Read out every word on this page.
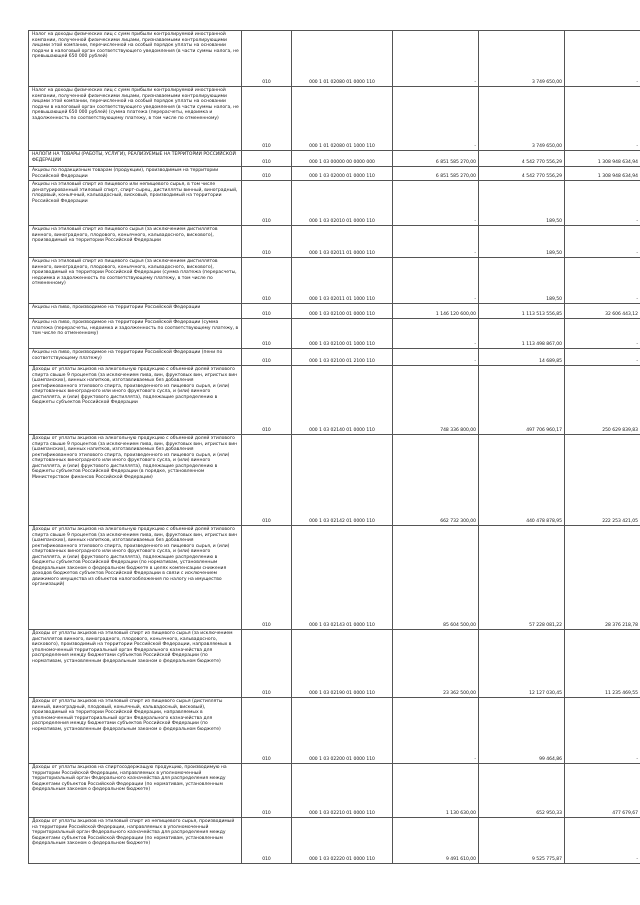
Налог на доходы физических лиц с сумм прибыли контролируемой иностранной компании, полученной физическими лицами, признаваемыми контролирующими лицами этой компании, перечисленной на особый порядок уплаты на основании подачи в налоговый орган соответствующего уведомления (в части суммы налога, не превышающей 650 000 рублей)	010	000 1 01 02080 01 0000 110	-	3 749 650,00	-

Налог на доходы физических лиц с сумм прибыли контролируемой иностранной компании, полученной физическими лицами, признаваемыми контролирующими лицами этой компании, перечисленной на особый порядок уплаты на основании подачи в налоговый орган соответствующего уведомления (в части суммы налога, не превышающей 650 000 рублей) (сумма платежа (перерасчеты, недоимка и задолженность по соответствующему платежу, в том числе по отмененному)	010	000 1 01 02080 01 1000 110	-	3 749 650,00	-

НАЛОГИ НА ТОВАРЫ (РАБОТЫ, УСЛУГИ), РЕАЛИЗУЕМЫЕ НА ТЕРРИТОРИИ РОССИЙСКОЙ ФЕДЕРАЦИИ	010	000 1 03 00000 00 0000 000	6 851 585 270,00	4 542 770 556,29	1 308 948 634,94

Акцизы по подакцизным товарам (продукции), производимым на территории Российской Федерации	010	000 1 03 02000 01 0000 110	6 851 585 270,00	4 542 770 556,29	1 308 948 634,94

Акцизы на этиловый спирт из пищевого или непищевого сырья, в том числе денатурированный этиловый спирт, спирт-сырец, дистилляты винный, виноградный, плодовый, коньячный, кальвадосный, висковый, производимый на территории Российской Федерации	010	000 1 03 02010 01 0000 110	-	189,50	-

Акцизы на этиловый спирт из пищевого сырья (за исключением дистиллятов винного, виноградного, плодового, коньячного, кальвадосного, вискового), производимый на территории Российской Федерации	010	000 1 03 02011 01 0000 110	-	189,50	-

Акцизы на этиловый спирт из пищевого сырья (за исключением дистиллятов винного, виноградного, плодового, коньячного, кальвадосного, вискового), производимый на территории Российской Федерации (сумма платежа (перерасчеты, недоимка и задолженность по соответствующему платежу, в том числе по отмененному)	010	000 1 03 02011 01 1000 110	-	189,50	-

Акцизы на пиво, производимое на территории Российской Федерации	010	000 1 03 02100 01 0000 110	1 146 120 600,00	1 113 513 556,85	32 606 443,12

Акцизы на пиво, производимое на территории Российской Федерации (сумма платежа (перерасчеты, недоимка и задолженность по соответствующему платежу, в том числе по отмененному)	010	000 1 03 02100 01 1000 110	-	1 113 498 867,00	-

Акцизы на пиво, производимое на территории Российской Федерации (пени по соответствующему платежу)	010	000 1 03 02100 01 2100 110	-	14 689,85	-

Доходы от уплаты акцизов на алкогольную продукцию с объемной долей этилового спирта свыше 9 процентов (за исключением пива, вин, фруктовых вин, игристых вин (шампанских), винных напитков, изготавливаемых без добавления ректификованного этилового спирта, произведенного из пищевого сырья, и (или) спиртованных виноградного или иного фруктового сусла, и (или) винного дистиллята, и (или) фруктового дистиллята), подлежащие распределению в бюджеты субъектов Российской Федерации	010	000 1 03 02140 01 0000 110	748 336 800,00	497 706 960,17	250 629 839,83

Доходы от уплаты акцизов на алкогольную продукцию с объемной долей этилового спирта свыше 9 процентов (за исключением пива, вин, фруктовых вин, игристых вин (шампанских), винных напитков, изготавливаемых без добавления ректификованного этилового спирта, произведенного из пищевого сырья, и (или) спиртованных виноградного или иного фруктового сусла, и (или) винного дистиллята, и (или) фруктового дистиллята), подлежащие распределению в бюджеты субъектов Российской Федерации (в порядке, установленном Министерством финансов Российской Федерации)	010	000 1 03 02142 01 0000 110	662 732 300,00	440 478 878,95	222 253 421,05

Доходы от уплаты акцизов на алкогольную продукцию с объемной долей этилового спирта свыше 9 процентов (за исключением пива, вин, фруктовых вин, игристых вин (шампанских), винных напитков, изготавливаемых без добавления ректификованного этилового спирта, произведенного из пищевого сырья, и (или) спиртованных виноградного или иного фруктового сусла, и (или) винного дистиллята, и (или) фруктового дистиллята), подлежащие распределению в бюджеты субъектов Российской Федерации (по нормативам, установленным федеральным законом о федеральном бюджете в целях компенсации снижения доходов бюджетов субъектов Российской Федерации в связи с исключением движимого имущества из объектов налогообложения по налогу на имущество организаций)	010	000 1 03 02143 01 0000 110	85 604 500,00	57 228 081,22	28 376 218,78

Доходы от уплаты акцизов на этиловый спирт из пищевого сырья (за исключением дистиллятов винного, виноградного, плодового, коньячного, кальвадосного, вискового), производимый на территории Российской Федерации, направляемых в уполномоченный территориальный орган Федерального казначейства для распределения между бюджетами субъектов Российской Федерации (по нормативам, установленным федеральным законом о федеральном бюджете)	010	000 1 03 02190 01 0000 110	23 362 500,00	12 127 030,45	11 235 469,55

Доходы от уплаты акцизов на этиловый спирт из пищевого сырья (дистилляты винный, виноградный, плодовый, коньячный, кальвадосный, висковый), производимый на территории Российской Федерации, направляемых в уполномоченный территориальный орган Федерального казначейства для распределения между бюджетами субъектов Российской Федерации (по нормативам, установленным федеральным законом о федеральном бюджете)	010	000 1 03 02200 01 0000 110	-	99 464,86	-

Доходы от уплаты акцизов на спиртосодержащую продукцию, производимую на территории Российской Федерации, направляемых в уполномоченный территориальный орган Федерального казначейства для распределения между бюджетами субъектов Российской Федерации (по нормативам, установленным федеральным законом о федеральном бюджете)	010	000 1 03 02210 01 0000 110	1 130 630,00	652 950,33	477 679,67

Доходы от уплаты акцизов на этиловый спирт из непищевого сырья, производимый на территории Российской Федерации, направляемых в уполномоченный территориальный орган Федерального казначейства для распределения между бюджетами субъектов Российской Федерации (по нормативам, установленным федеральным законом о федеральном бюджете)	010	000 1 03 02220 01 0000 110	9 491 610,00	9 525 775,87	-
